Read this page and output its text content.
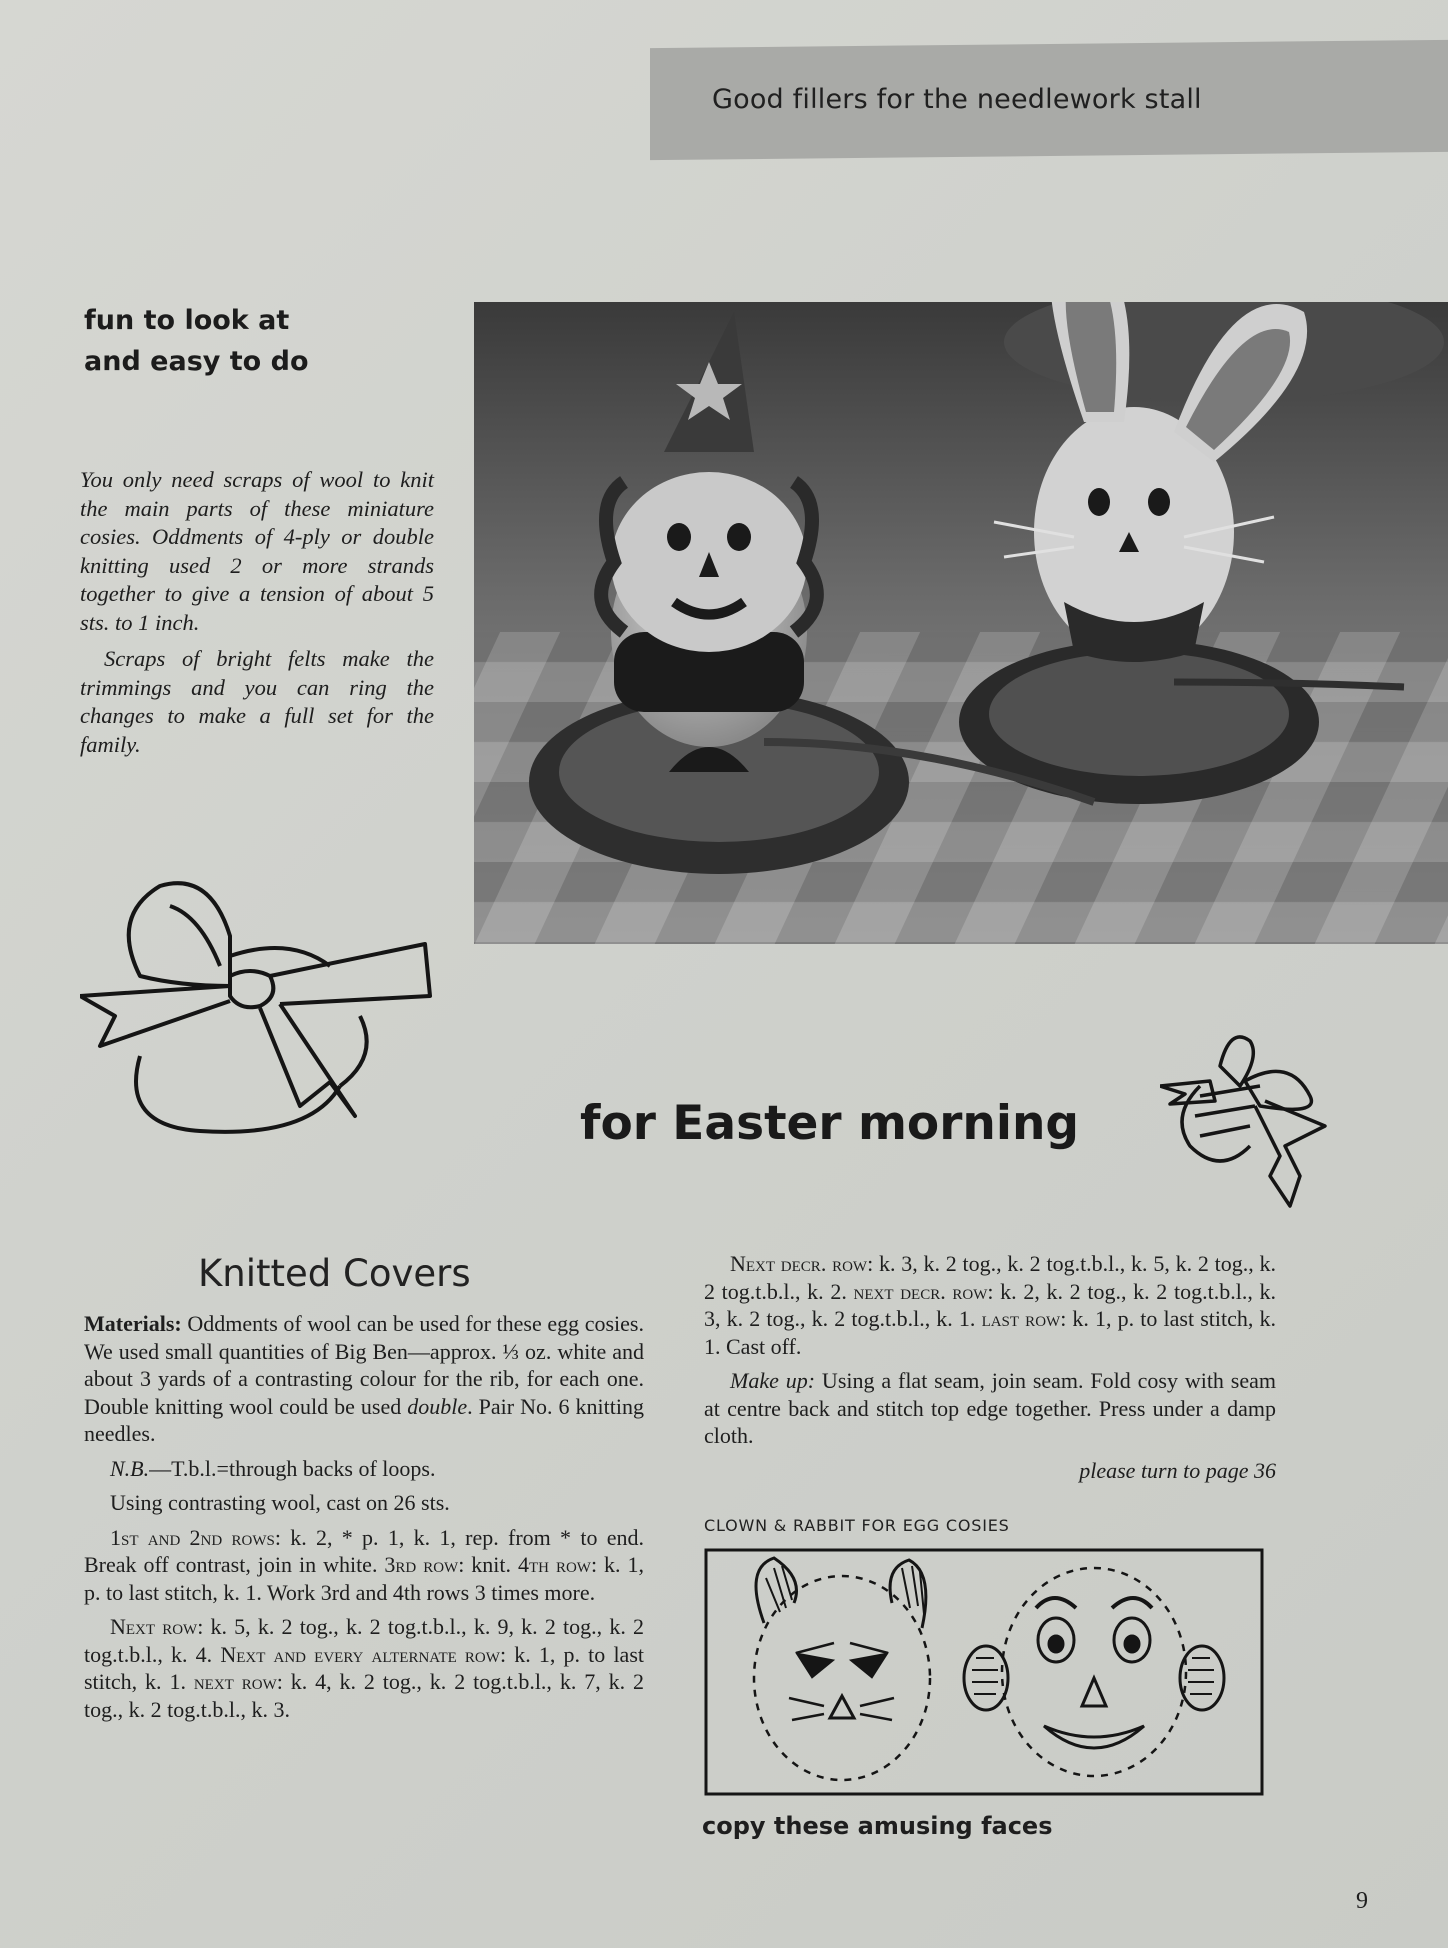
Good fillers for the needlework stall
fun to look at
and easy to do

You only need scraps of wool to knit the main parts of these miniature cosies. Oddments of 4-ply or double knitting used 2 or more strands together to give a tension of about 5 sts. to 1 inch.

Scraps of bright felts make the trimmings and you can ring the changes to make a full set for the family.

for Easter morning
Knitted Covers

Materials: Oddments of wool can be used for these egg cosies. We used small quantities of Big Ben—approx. ⅓ oz. white and about 3 yards of a contrasting colour for the rib, for each one. Double knitting wool could be used double. Pair No. 6 knitting needles.

N.B.—T.b.l.=through backs of loops.

Using contrasting wool, cast on 26 sts.

1st and 2nd rows: k. 2, * p. 1, k. 1, rep. from * to end. Break off contrast, join in white. 3rd row: knit. 4th row: k. 1, p. to last stitch, k. 1. Work 3rd and 4th rows 3 times more.

Next row: k. 5, k. 2 tog., k. 2 tog.t.b.l., k. 9, k. 2 tog., k. 2 tog.t.b.l., k. 4. Next and every alternate row: k. 1, p. to last stitch, k. 1. next row: k. 4, k. 2 tog., k. 2 tog.t.b.l., k. 7, k. 2 tog., k. 2 tog.t.b.l., k. 3.

Next decr. row: k. 3, k. 2 tog., k. 2 tog.t.b.l., k. 5, k. 2 tog., k. 2 tog.t.b.l., k. 2. next decr. row: k. 2, k. 2 tog., k. 2 tog.t.b.l., k. 3, k. 2 tog., k. 2 tog.t.b.l., k. 1. last row: k. 1, p. to last stitch, k. 1. Cast off.

Make up: Using a flat seam, join seam. Fold cosy with seam at centre back and stitch top edge together. Press under a damp cloth.

please turn to page 36

CLOWN & RABBIT FOR EGG COSIES
copy these amusing faces
9
